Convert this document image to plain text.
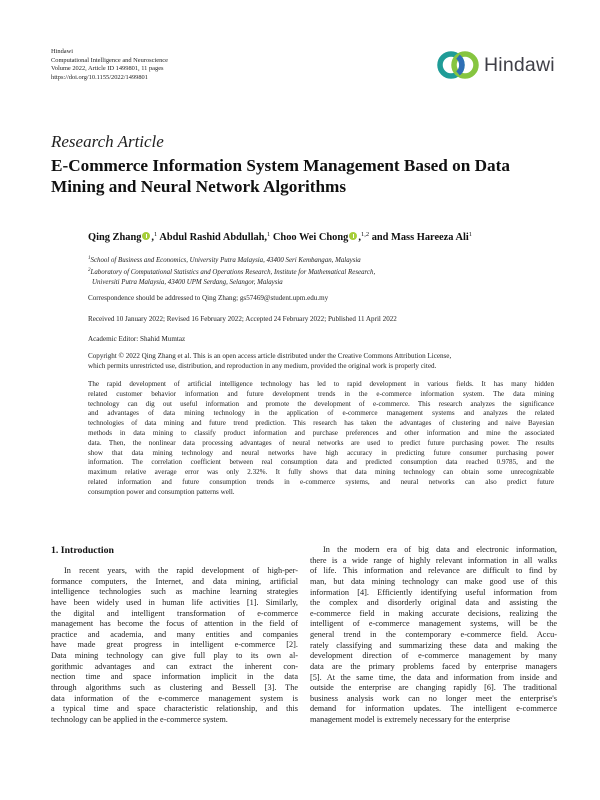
Hindawi
Computational Intelligence and Neuroscience
Volume 2022, Article ID 1499801, 11 pages
https://doi.org/10.1155/2022/1499801
Hindawi
Research Article
E-Commerce Information System Management Based on Data
Mining and Neural Network Algorithms
Qing Zhang ,$^1$ Abdul Rashid Abdullah,$^1$ Choo Wei Chong ,$^{1,2}$ and Mass Hareeza Ali$^1$
$^1$School of Business and Economics, University Putra Malaysia, 43400 Seri Kembangan, Malaysia
$^2$Laboratory of Computational Statistics and Operations Research, Institute for Mathematical Research,
Universiti Putra Malaysia, 43400 UPM Serdang, Selangor, Malaysia
Correspondence should be addressed to Qing Zhang; gs57469@student.upm.edu.my
Received 10 January 2022; Revised 16 February 2022; Accepted 24 February 2022; Published 11 April 2022
Academic Editor: Shahid Mumtaz
Copyright © 2022 Qing Zhang et al. This is an open access article distributed under the Creative Commons Attribution License,
which permits unrestricted use, distribution, and reproduction in any medium, provided the original work is properly cited.
The rapid development of artificial intelligence technology has led to rapid development in various fields. It has many hidden
related customer behavior information and future development trends in the e-commerce information system. The data mining
technology can dig out useful information and promote the development of e-commerce. This research analyzes the significance
and advantages of data mining technology in the application of e-commerce management systems and analyzes the related
technologies of data mining and future trend prediction. This research has taken the advantages of clustering and naive Bayesian
methods in data mining to classify product information and purchase preferences and other information and mine the associated
data. Then, the nonlinear data processing advantages of neural networks are used to predict future purchasing power. The results
show that data mining technology and neural networks have high accuracy in predicting future consumer purchasing power
information. The correlation coefficient between real consumption data and predicted consumption data reached 0.9785, and the
maximum relative average error was only 2.32%. It fully shows that data mining technology can obtain some unrecognizable
related information and future consumption trends in e-commerce systems, and neural networks can also predict future
consumption power and consumption patterns well.
1. Introduction
In recent years, with the rapid development of high-per-
formance computers, the Internet, and data mining, artificial
intelligence technologies such as machine learning strategies
have been widely used in human life activities [1]. Similarly,
the digital and intelligent transformation of e-commerce
management has become the focus of attention in the field of
practice and academia, and many entities and companies
have made great progress in intelligent e-commerce [2].
Data mining technology can give full play to its own al-
gorithmic advantages and can extract the inherent con-
nection time and space information implicit in the data
through algorithms such as clustering and Bessell [3]. The
data information of the e-commerce management system is
a typical time and space characteristic relationship, and this
technology can be applied in the e-commerce system.
In the modern era of big data and electronic information,
there is a wide range of highly relevant information in all walks
of life. This information and relevance are difficult to find by
man, but data mining technology can make good use of this
information [4]. Efficiently identifying useful information from
the complex and disorderly original data and assisting the
e-commerce field in making accurate decisions, realizing the
intelligent of e-commerce management systems, will be the
general trend in the contemporary e-commerce field. Accu-
rately classifying and summarizing these data and making the
development direction of e-commerce management by many
data are the primary problems faced by enterprise managers
[5]. At the same time, the data and information from inside and
outside the enterprise are changing rapidly [6]. The traditional
business analysis work can no longer meet the enterprise's
demand for information updates. The intelligent e-commerce
management model is extremely necessary for the enterprise
